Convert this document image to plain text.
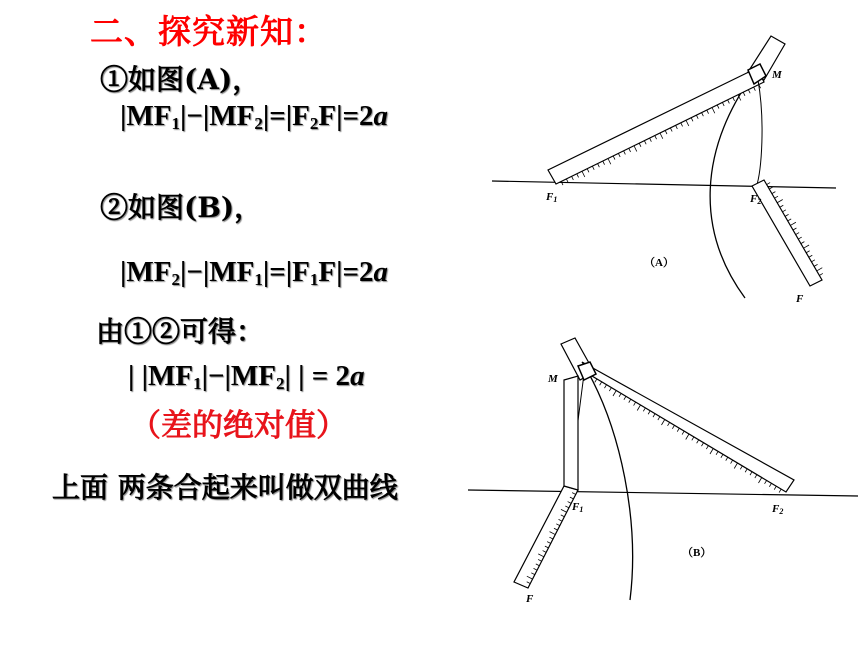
二、探究新知：
①如图(A)，
$|MF_1|-|MF_2|=|F_2F|=2a$
②如图(B)，
$|MF_2|-|MF_1|=|F_1F|=2a$
由①②可得：
| $|MF_1|-|MF_2|$ | = 2a
（差的绝对值）
上面 两条合起来叫做双曲线
M
F1	F2
F
（A）
M
F1	F2
F
（B）
